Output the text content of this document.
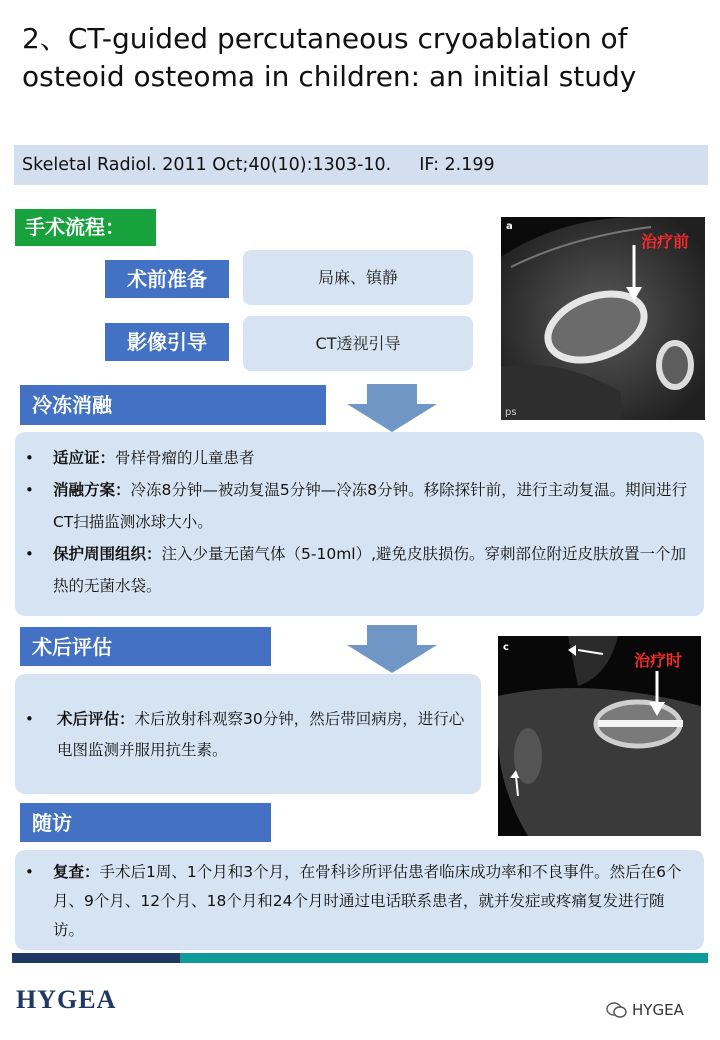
2、CT-guided percutaneous cryoablation of
osteoid osteoma in children: an initial study
Skeletal Radiol. 2011 Oct;40(10):1303-10. IF: 2.199
手术流程：
术前准备	局麻、镇静
影像引导	CT透视引导
a
治疗前
ps
冷冻消融
• 适应证：骨样骨瘤的儿童患者
• 消融方案：冷冻8分钟—被动复温5分钟—冷冻8分钟。移除探针前，进行主动复温。期间进行CT扫描监测冰球大小。
• 保护周围组织：注入少量无菌气体（5-10ml）,避免皮肤损伤。穿刺部位附近皮肤放置一个加热的无菌水袋。
术后评估
• 术后评估：术后放射科观察30分钟，然后带回病房，进行心电图监测并服用抗生素。
c
治疗时
随访
• 复查：手术后1周、1个月和3个月，在骨科诊所评估患者临床成功率和不良事件。然后在6个月、9个月、12个月、18个月和24个月时通过电话联系患者，就并发症或疼痛复发进行随访。
HYGEA	HYGEA
